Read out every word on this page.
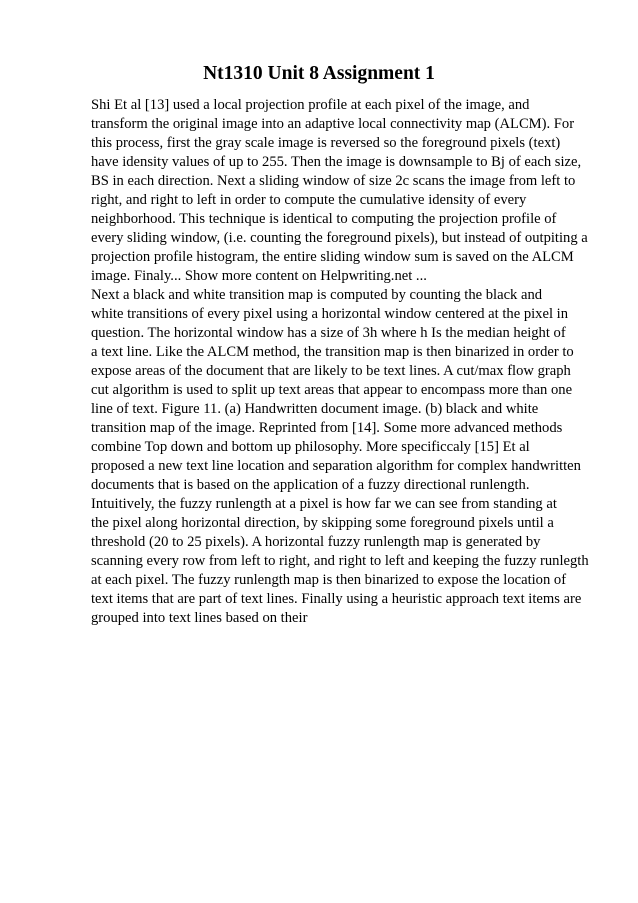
Nt1310 Unit 8 Assignment 1
Shi Et al [13] used a local projection profile at each pixel of the image, and
transform the original image into an adaptive local connectivity map (ALCM). For
this process, first the gray scale image is reversed so the foreground pixels (text)
have idensity values of up to 255. Then the image is downsample to Bj of each size,
BS in each direction. Next a sliding window of size 2c scans the image from left to
right, and right to left in order to compute the cumulative idensity of every
neighborhood. This technique is identical to computing the projection profile of
every sliding window, (i.e. counting the foreground pixels), but instead of outpiting a
projection profile histogram, the entire sliding window sum is saved on the ALCM
image. Finaly... Show more content on Helpwriting.net ...
Next a black and white transition map is computed by counting the black and
white transitions of every pixel using a horizontal window centered at the pixel in
question. The horizontal window has a size of 3h where h Is the median height of
a text line. Like the ALCM method, the transition map is then binarized in order to
expose areas of the document that are likely to be text lines. A cut/max flow graph
cut algorithm is used to split up text areas that appear to encompass more than one
line of text. Figure 11. (a) Handwritten document image. (b) black and white
transition map of the image. Reprinted from [14]. Some more advanced methods
combine Top down and bottom up philosophy. More specificcaly [15] Et al
proposed a new text line location and separation algorithm for complex handwritten
documents that is based on the application of a fuzzy directional runlength.
Intuitively, the fuzzy runlength at a pixel is how far we can see from standing at
the pixel along horizontal direction, by skipping some foreground pixels until a
threshold (20 to 25 pixels). A horizontal fuzzy runlength map is generated by
scanning every row from left to right, and right to left and keeping the fuzzy runlegth
at each pixel. The fuzzy runlength map is then binarized to expose the location of
text items that are part of text lines. Finally using a heuristic approach text items are
grouped into text lines based on their
